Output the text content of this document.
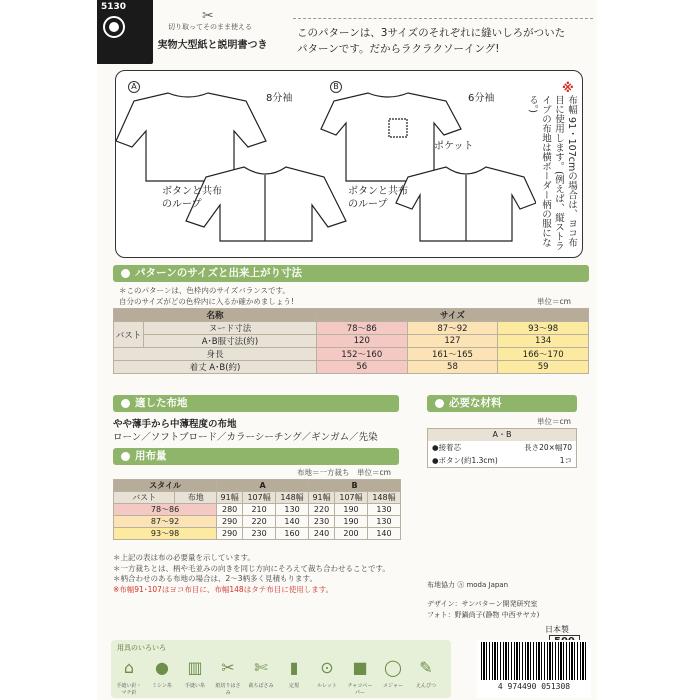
5130
✂
切り取ってそのまま使える
実物大型紙と説明書つき
このパターンは、3サイズのそれぞれに縫いしろがついた
パターンです。だからラクラクソーイング!
A	B
8分袖	6分袖
ポケット
ボタンと共布のループ
ボタンと共布のループ
※
布幅 91・107cmの場合は、ヨコ布目に使用します。(例えば、縦ストライプの布地は横ボーダー柄の服になる。)
パターンのサイズと出来上がり寸法
＊このパターンは、色枠内のサイズバランスです。
自分のサイズがどの色枠内に入るか確かめましょう!	単位＝cm
名称		サイズ		
バスト	ヌード寸法	78〜86	87〜92	93〜98
	A･B服寸法(約)	120	127	134
身長		152〜160	161〜165	166〜170
着丈 A･B(約)		56	58	59
適した布地
やや薄手から中薄程度の布地
ローン／ソフトブロード／カラーシーチング／ギンガム／先染
必要な材料
単位＝cm
A・B
●接着芯	長さ20×幅70
●ボタン(約1.3cm)	1コ
用布量
布地＝一方裁ち　単位＝cm
スタイル		A			B		
バスト	布地	91幅	107幅	148幅	91幅	107幅	148幅
78〜86		280	210	130	220	190	130
87〜92		290	220	140	230	190	130
93〜98		290	230	160	240	200	140
＊上記の表は布の必要量を示しています。
＊一方裁ちとは、柄や毛並みの向きを同じ方向にそろえて裁ち合わせることです。
＊柄合わせのある布地の場合は、2〜3柄多く見積もります。
※布幅91･107はヨコ布目に、布幅148はタテ布目に使用します。	布地協力 Ⓐ moda Japan
デザイン：サンパターン開発研究室
フォト：野鍋尚子(静物 中西サヤカ)
日本製
用具のいろいろ
⌂
手縫い針・マチ針
●
ミシン糸
▥
手縫い糸
✂
紙切りはさみ
✄
裁ちばさみ
▮
定規
⊙
ルレット
■
チャコペーパー
◯
メジャー
✎
えんぴつ	4 974490 051308
